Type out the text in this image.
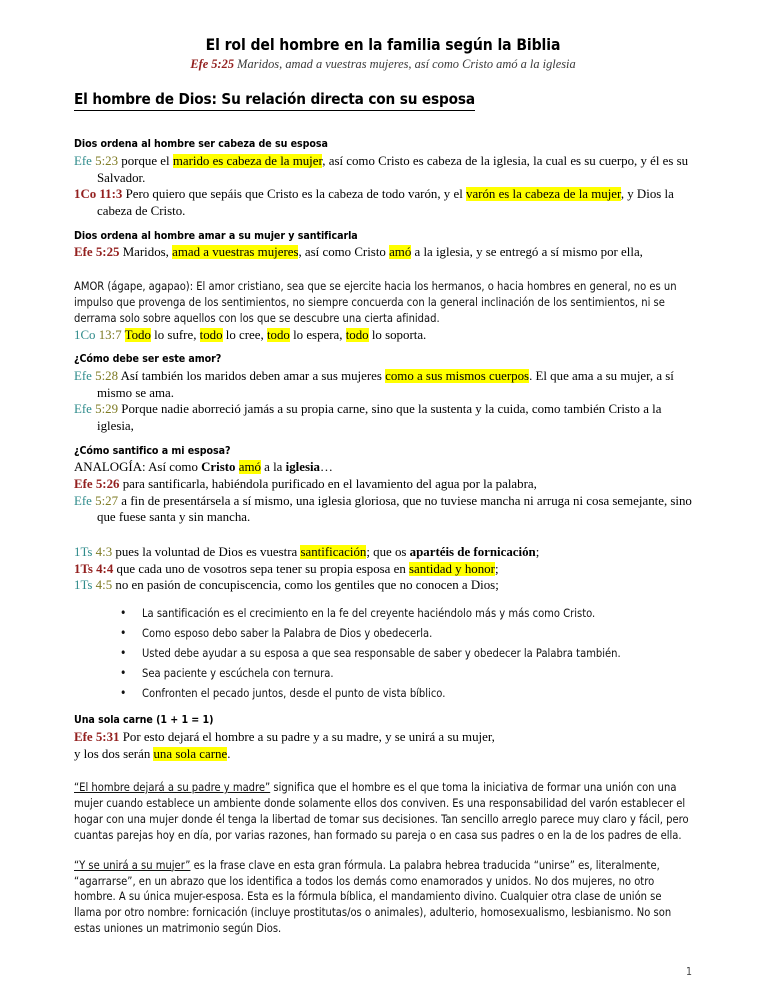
El rol del hombre en la familia según la Biblia
Efe 5:25 Maridos, amad a vuestras mujeres, así como Cristo amó a la iglesia
El hombre de Dios: Su relación directa con su esposa
Dios ordena al hombre ser cabeza de su esposa

Efe 5:23 porque el marido es cabeza de la mujer, así como Cristo es cabeza de la iglesia, la cual es su cuerpo, y él es su Salvador.

1Co 11:3 Pero quiero que sepáis que Cristo es la cabeza de todo varón, y el varón es la cabeza de la mujer, y Dios la cabeza de Cristo.

Dios ordena al hombre amar a su mujer y santificarla

Efe 5:25 Maridos, amad a vuestras mujeres, así como Cristo amó a la iglesia, y se entregó a sí mismo por ella,

AMOR (ágape, agapao): El amor cristiano, sea que se ejercite hacia los hermanos, o hacia hombres en general, no es un impulso que provenga de los sentimientos, no siempre concuerda con la general inclinación de los sentimientos, ni se derrama solo sobre aquellos con los que se descubre una cierta afinidad.

1Co 13:7 Todo lo sufre, todo lo cree, todo lo espera, todo lo soporta.

¿Cómo debe ser este amor?

Efe 5:28 Así también los maridos deben amar a sus mujeres como a sus mismos cuerpos. El que ama a su mujer, a sí mismo se ama.

Efe 5:29 Porque nadie aborreció jamás a su propia carne, sino que la sustenta y la cuida, como también Cristo a la iglesia,

¿Cómo santifico a mi esposa?

ANALOGÍA: Así como Cristo amó a la iglesia…

Efe 5:26 para santificarla, habiéndola purificado en el lavamiento del agua por la palabra,

Efe 5:27 a fin de presentársela a sí mismo, una iglesia gloriosa, que no tuviese mancha ni arruga ni cosa semejante, sino que fuese santa y sin mancha.

1Ts 4:3 pues la voluntad de Dios es vuestra santificación; que os apartéis de fornicación;

1Ts 4:4 que cada uno de vosotros sepa tener su propia esposa en santidad y honor;

1Ts 4:5 no en pasión de concupiscencia, como los gentiles que no conocen a Dios;

• La santificación es el crecimiento en la fe del creyente haciéndolo más y más como Cristo.
• Como esposo debo saber la Palabra de Dios y obedecerla.
• Usted debe ayudar a su esposa a que sea responsable de saber y obedecer la Palabra también.
• Sea paciente y escúchela con ternura.
• Confronten el pecado juntos, desde el punto de vista bíblico.
Una sola carne (1 + 1 = 1)

Efe 5:31 Por esto dejará el hombre a su padre y a su madre, y se unirá a su mujer,

y los dos serán una sola carne.

“El hombre dejará a su padre y madre” significa que el hombre es el que toma la iniciativa de formar una unión con una mujer cuando establece un ambiente donde solamente ellos dos conviven. Es una responsabilidad del varón establecer el hogar con una mujer donde él tenga la libertad de tomar sus decisiones. Tan sencillo arreglo parece muy claro y fácil, pero cuantas parejas hoy en día, por varias razones, han formado su pareja o en casa sus padres o en la de los padres de ella.

“Y se unirá a su mujer” es la frase clave en esta gran fórmula. La palabra hebrea traducida “unirse” es, literalmente, “agarrarse”, en un abrazo que los identifica a todos los demás como enamorados y unidos. No dos mujeres, no otro hombre. A su única mujer-esposa. Esta es la fórmula bíblica, el mandamiento divino. Cualquier otra clase de unión se llama por otro nombre: fornicación (incluye prostitutas/os o animales), adulterio, homosexualismo, lesbianismo. No son estas uniones un matrimonio según Dios.

1
